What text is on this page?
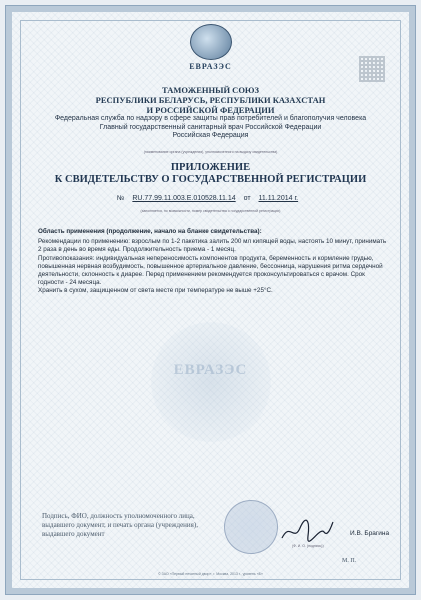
ЕВРАЗЭС
ТАМОЖЕННЫЙ СОЮЗ
РЕСПУБЛИКИ БЕЛАРУСЬ, РЕСПУБЛИКИ КАЗАХСТАН
И РОССИЙСКОЙ ФЕДЕРАЦИИ
Федеральная служба по надзору в сфере защиты прав потребителей и благополучия человека
Главный государственный санитарный врач Российской Федерации
Российская Федерация
(наименование органа (учреждения), уполномоченного на выдачу свидетельства)
ПРИЛОЖЕНИЕ
К СВИДЕТЕЛЬСТВУ О ГОСУДАРСТВЕННОЙ РЕГИСТРАЦИИ
№ RU.77.99.11.003.E.010528.11.14 от 11.11.2014 г.
(заполняется, по возможности, номер свидетельства о государственной регистрации)
Область применения (продолжение, начало на бланке свидетельства):

Рекомендации по применению: взрослым по 1-2 пакетика залить 200 мл кипящей воды, настоять 10 минут, принимать 2 раза в день во время еды. Продолжительность приема - 1 месяц.

Противопоказания: индивидуальная непереносимость компонентов продукта, беременность и кормление грудью, повышенная нервная возбудимость, повышенное артериальное давление, бессонница, нарушения ритма сердечной деятельности, склонность к диарее. Перед применением рекомендуется проконсультироваться с врачом. Срок годности - 24 месяца.

Хранить в сухом, защищенном от света месте при температуре не выше +25°С.

ЕВРАЗЭС
Подпись, ФИО, должность уполномоченного лица, выдавшего документ, и печать органа (учреждения), выдавшего документ	И.В. Брагина
(Ф. И. О. (подпись))
М. П.
© ЗАО «Первый печатный двор», г. Москва, 2013 г., уровень «Б»
